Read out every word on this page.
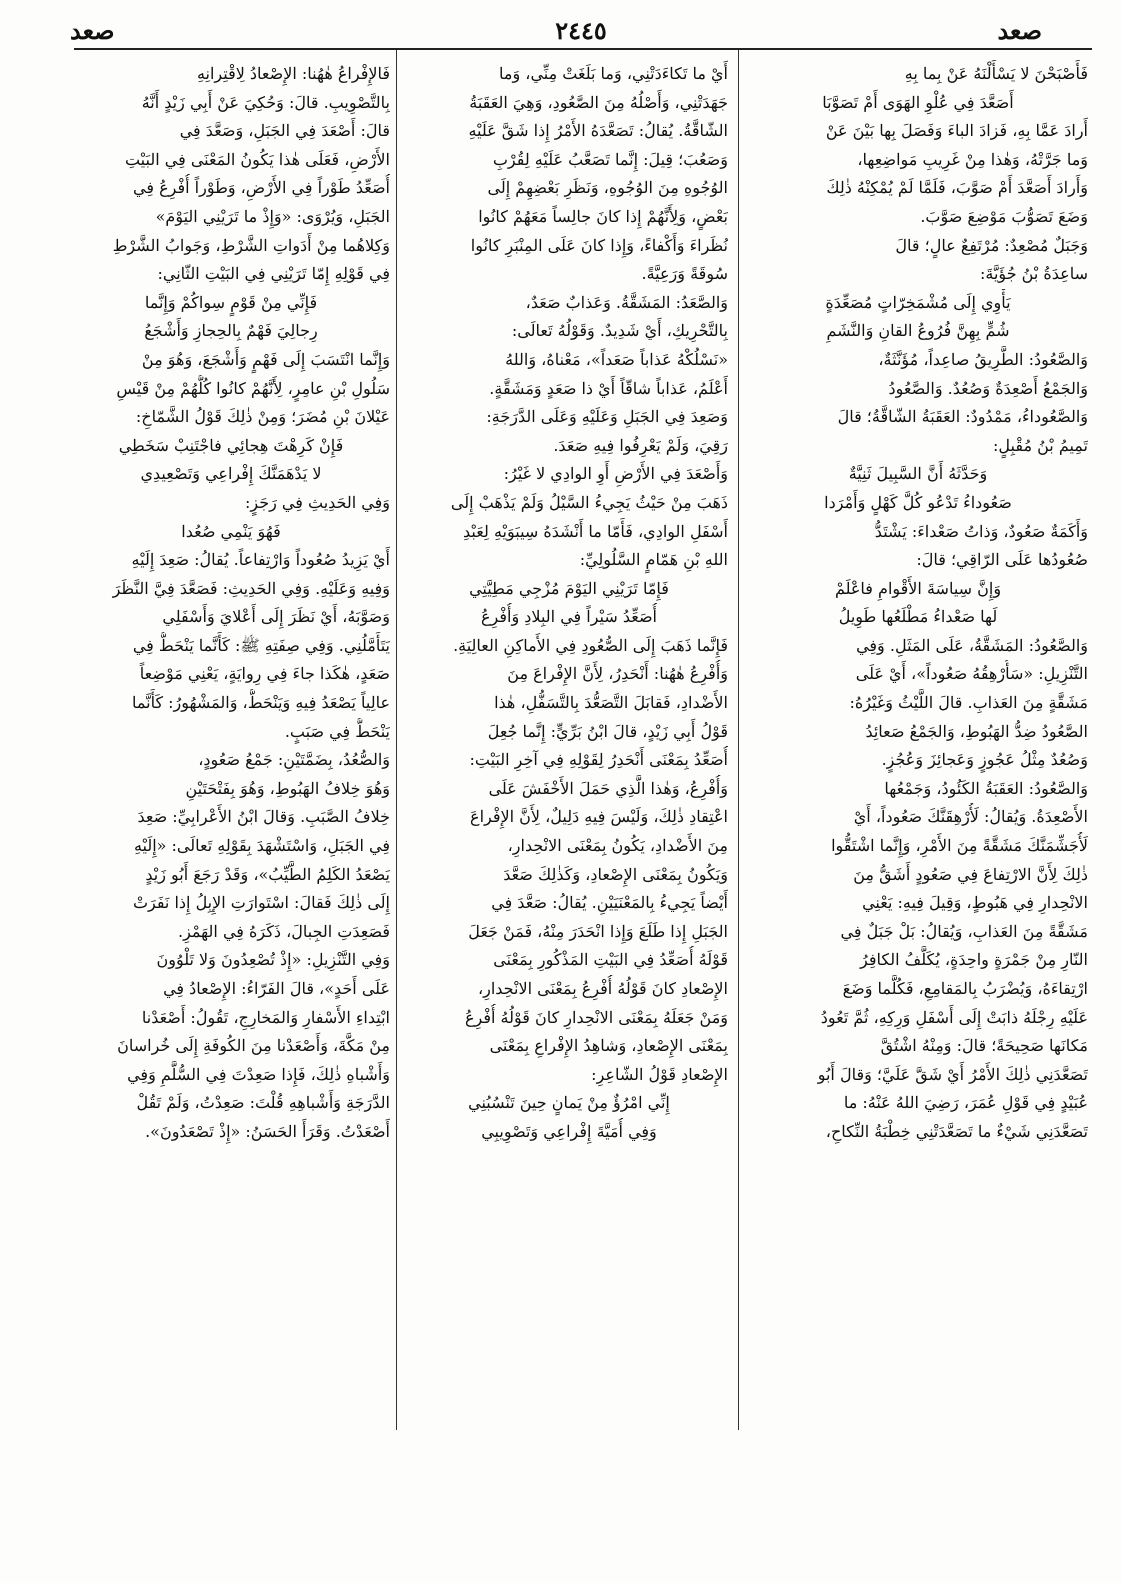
صعد
٢٤٤٥
صعد
فَأَصْبَحْنَ لا يَسْأَلْنَهُ عَنْ بِما بِهِ
أَصَعَّدَ فِي عُلْوِ الهَوَى أَمْ تَصَوَّبَا
أَرادَ عَمَّا بِهِ، فَزادَ الباءَ وَفَصَلَ بِها بَيْنَ عَنْ
وَما جَرَّتْهُ، وَهٰذا مِنْ غَرِيبِ مَواضِعِها،
وَأَرادَ أَصَعَّدَ أَمْ صَوَّبَ، فَلَمَّا لَمْ يُمْكِنْهُ ذٰلِكَ
وَضَعَ تَصَوُّبَ مَوْضِعَ صَوَّبَ.
وَجَبَلٌ مُصْعِدٌ: مُرْتَفِعٌ عالٍ؛ قالَ
ساعِدَةُ بْنُ جُؤَيَّةَ:
يَأْوِي إِلَى مُشْمَخِرّاتٍ مُصَعِّدَةٍ
شُمٍّ بِهِنَّ فُرُوعُ القانِ وَالنَّشَمِ
وَالصَّعُودُ: الطَّرِيقُ صاعِداً، مُؤَنَّثَةٌ،
وَالجَمْعُ أَصْعِدَةٌ وَصُعُدٌ. وَالصَّعُودُ
وَالصَّعُوداءُ، مَمْدُودٌ: العَقَبَةُ الشّاقَّةُ؛ قالَ
تَمِيمُ بْنُ مُقْبِلٍ:
وَحَدَّثَهُ أَنَّ السَّبِيلَ ثَنِيَّةٌ
صَعُوداءُ تَدْعُو كُلَّ كَهْلٍ وَأَمْرَدا
وَأَكَمَةٌ صَعُودٌ، وَذاتُ صَعْداءَ: يَشْتَدُّ
صُعُودُها عَلَى الرّاقِي؛ قالَ:
وَإِنَّ سِياسَةَ الأَقْوامِ فاعْلَمْ
لَها صَعْداءُ مَطْلَعُها طَوِيلُ
وَالصَّعُودُ: المَشَقَّةُ، عَلَى المَثَلِ. وَفِي
التَّنْزِيلِ: «سَأُرْهِقُهُ صَعُوداً»، أَيْ عَلَى
مَشَقَّةٍ مِنَ العَذابِ. قالَ اللَّيْثُ وَغَيْرُهُ:
الصَّعُودُ ضِدُّ الهَبُوطِ، وَالجَمْعُ صَعائِدُ
وَصُعُدٌ مِثْلُ عَجُوزٍ وَعَجائِزَ وَعُجُزٍ.
وَالصَّعُودُ: العَقَبَةُ الكَئُودُ، وَجَمْعُها
الأَصْعِدَةُ. وَيُقالُ: لَأُرْهِقَنَّكَ صَعُوداً، أَيْ
لَأُجَشِّمَنَّكَ مَشَقَّةً مِنَ الأَمْرِ، وَإِنَّما اشْتَقُّوا
ذٰلِكَ لِأَنَّ الارْتِفاعَ فِي صَعُودٍ أَشَقُّ مِنَ
الانْحِدارِ فِي هَبُوطٍ، وَقِيلَ فِيهِ: يَعْنِي
مَشَقَّةً مِنَ العَذابِ، وَيُقالُ: بَلْ جَبَلٌ فِي
النّارِ مِنْ جَمْرَةٍ واحِدَةٍ، يُكَلَّفُ الكافِرُ
ارْتِقاءَهُ، وَيُضْرَبُ بِالمَقامِعِ، فَكُلَّما وَضَعَ
عَلَيْهِ رِجْلَهُ ذابَتْ إِلَى أَسْفَلِ وَرِكِهِ، ثُمَّ تَعُودُ
مَكانَها صَحِيحَةً؛ قالَ: وَمِنْهُ اشْتُقَّ
تَصَعَّدَنِي ذٰلِكَ الأَمْرُ أَيْ شَقَّ عَلَيَّ؛ وَقالَ أَبُو
عُبَيْدٍ فِي قَوْلِ عُمَرَ، رَضِيَ اللهُ عَنْهُ: ما
تَصَعَّدَنِي شَيْءٌ ما تَصَعَّدَتْنِي خِطْبَةُ النِّكاحِ،
أَيْ ما تَكاءَدَتْنِي، وَما بَلَغَتْ مِنِّي، وَما
جَهَدَتْنِي، وَأَصْلُهُ مِنَ الصَّعُودِ، وَهِيَ العَقَبَةُ
الشّاقَّةُ. يُقالُ: تَصَعَّدَهُ الأَمْرُ إِذا شَقَّ عَلَيْهِ
وَصَعُبَ؛ قِيلَ: إِنَّما تَصَعَّبُ عَلَيْهِ لِقُرْبِ
الوُجُوهِ مِنَ الوُجُوهِ، وَنَظَرِ بَعْضِهِمْ إِلَى
بَعْضٍ، وَلِأَنَّهُمْ إِذا كانَ جالِساً مَعَهُمْ كانُوا
نُظَراءَ وَأَكْفاءً، وَإِذا كانَ عَلَى المِنْبَرِ كانُوا
سُوقَةً وَرَعِيَّةً.
وَالصَّعَدُ: المَشَقَّةُ. وَعَذابٌ صَعَدٌ،
بِالتَّحْرِيكِ، أَيْ شَدِيدٌ. وَقَوْلُهُ تَعالَى:
«نَسْلُكْهُ عَذاباً صَعَداً»، مَعْناهُ، وَاللهُ
أَعْلَمُ، عَذاباً شاقّاً أَيْ ذا صَعَدٍ وَمَشَقَّةٍ.
وَصَعِدَ فِي الجَبَلِ وَعَلَيْهِ وَعَلَى الدَّرَجَةِ:
رَقِيَ، وَلَمْ يَعْرِفُوا فِيهِ صَعَدَ.
وَأَصْعَدَ فِي الأَرْضِ أَوِ الوادِي لا غَيْرُ:
ذَهَبَ مِنْ حَيْثُ يَجِيءُ السَّيْلُ وَلَمْ يَذْهَبْ إِلَى
أَسْفَلِ الوادِي، فَأَمّا ما أَنْشَدَهُ سِيبَوَيْهِ لِعَبْدِ
اللهِ بْنِ هَمّامٍ السَّلُولِيِّ:
فَإِمّا تَرَيْنِي اليَوْمَ مُزْجِي مَطِيَّتِي
أُصَعِّدُ سَيْراً فِي البِلادِ وَأُفْرِعُ
فَإِنَّما ذَهَبَ إِلَى الصُّعُودِ فِي الأَماكِنِ العالِيَةِ.
وَأُفْرِعُ هٰهُنا: أَنْحَدِرُ، لِأَنَّ الإِفْراعَ مِنَ
الأَضْدادِ، فَقابَلَ التَّصَعُّدَ بِالتَّسَفُّلِ، هٰذا
قَوْلُ أَبِي زَيْدٍ، قالَ ابْنُ بَرِّيٍّ: إِنَّما جُعِلَ
أُصَعِّدُ بِمَعْنَى أَنْحَدِرُ لِقَوْلِهِ فِي آخِرِ البَيْتِ:
وَأُفْرِعُ، وَهٰذا الَّذِي حَمَلَ الأَخْفَشَ عَلَى
اعْتِقادِ ذٰلِكَ، وَلَيْسَ فِيهِ دَلِيلٌ، لِأَنَّ الإِفْراعَ
مِنَ الأَضْدادِ، يَكُونُ بِمَعْنَى الانْحِدارِ،
وَيَكُونُ بِمَعْنَى الإِصْعادِ، وَكَذٰلِكَ صَعَّدَ
أَيْضاً يَجِيءُ بِالمَعْنَيَيْنِ. يُقالُ: صَعَّدَ فِي
الجَبَلِ إِذا طَلَعَ وَإِذا انْحَدَرَ مِنْهُ، فَمَنْ جَعَلَ
قَوْلَهُ أُصَعِّدُ فِي البَيْتِ المَذْكُورِ بِمَعْنَى
الإِصْعادِ كانَ قَوْلُهُ أُفْرِعُ بِمَعْنَى الانْحِدارِ،
وَمَنْ جَعَلَهُ بِمَعْنَى الانْحِدارِ كانَ قَوْلُهُ أُفْرِعُ
بِمَعْنَى الإِصْعادِ، وَشاهِدُ الإِفْراعِ بِمَعْنَى
الإِصْعادِ قَوْلُ الشّاعِرِ:
إِنِّي امْرُؤٌ مِنْ يَمانٍ حِينَ تَنْسُبُنِي
وَفِي أُمَيَّةَ إِفْراعِي وَتَصْوِيبِي
فَالإِفْراعُ هٰهُنا: الإِصْعادُ لِاقْتِرانِهِ
بِالتَّصْوِيبِ. قالَ: وَحُكِيَ عَنْ أَبِي زَيْدٍ أَنَّهُ
قالَ: أَصْعَدَ فِي الجَبَلِ، وَصَعَّدَ فِي
الأَرْضِ، فَعَلَى هٰذا يَكُونُ المَعْنَى فِي البَيْتِ
أُصَعِّدُ طَوْراً فِي الأَرْضِ، وَطَوْراً أُفْرِعُ فِي
الجَبَلِ، وَيُرْوَى: «وَإِذْ ما تَرَيْنِي اليَوْمَ»
وَكِلاهُما مِنْ أَدَواتِ الشَّرْطِ، وَجَوابُ الشَّرْطِ
فِي قَوْلِهِ إِمّا تَرَيْنِي فِي البَيْتِ الثّانِي:
فَإِنِّي مِنْ قَوْمٍ سِواكُمْ وَإِنَّما
رِجالِيَ فَهْمٌ بِالحِجازِ وَأَشْجَعُ
وَإِنَّما انْتَسَبَ إِلَى فَهْمٍ وَأَشْجَعَ، وَهُوَ مِنْ
سَلُولِ بْنِ عامِرٍ، لِأَنَّهُمْ كانُوا كُلُّهُمْ مِنْ قَيْسِ
عَيْلانَ بْنِ مُضَرَ؛ وَمِنْ ذٰلِكَ قَوْلُ الشَّمّاخِ:
فَإِنْ كَرِهْتَ هِجائِي فاجْتَنِبْ سَخَطِي
لا يَدْهَمَنَّكَ إِفْراعِي وَتَصْعِيدِي
وَفِي الحَدِيثِ فِي رَجَزٍ:
فَهُوَ يَنْمِي صُعُدا
أَيْ يَزِيدُ صُعُوداً وَارْتِفاعاً. يُقالُ: صَعِدَ إِلَيْهِ
وَفِيهِ وَعَلَيْهِ. وَفِي الحَدِيثِ: فَصَعَّدَ فِيَّ النَّظَرَ
وَصَوَّبَهُ، أَيْ نَظَرَ إِلَى أَعْلايَ وَأَسْفَلِي
يَتَأَمَّلُنِي. وَفِي صِفَتِهِ ﷺ: كَأَنَّما يَنْحَطُّ فِي
صَعَدٍ، هٰكَذا جاءَ فِي رِوايَةٍ، يَعْنِي مَوْضِعاً
عالِياً يَصْعَدُ فِيهِ وَيَنْحَطُّ، وَالمَشْهُورُ: كَأَنَّما
يَنْحَطُّ فِي صَبَبٍ.
وَالصُّعُدُ، بِضَمَّتَيْنِ: جَمْعُ صَعُودٍ،
وَهُوَ خِلافُ الهَبُوطِ، وَهُوَ بِفَتْحَتَيْنِ
خِلافُ الصَّبَبِ. وَقالَ ابْنُ الأَعْرابِيِّ: صَعِدَ
فِي الجَبَلِ، وَاسْتَشْهَدَ بِقَوْلِهِ تَعالَى: «إِلَيْهِ
يَصْعَدُ الكَلِمُ الطَّيِّبُ»، وَقَدْ رَجَعَ أَبُو زَيْدٍ
إِلَى ذٰلِكَ فَقالَ: اسْتَوارَتِ الإِبِلُ إِذا نَفَرَتْ
فَصَعِدَتِ الجِبالَ، ذَكَرَهُ فِي الهَمْزِ.
وَفِي التَّنْزِيلِ: «إِذْ تُصْعِدُونَ وَلا تَلْوُونَ
عَلَى أَحَدٍ»، قالَ الفَرّاءُ: الإِصْعادُ فِي
ابْتِداءِ الأَسْفارِ وَالمَخارِجِ، تَقُولُ: أَصْعَدْنا
مِنْ مَكَّةَ، وَأَصْعَدْنا مِنَ الكُوفَةِ إِلَى خُراسانَ
وَأَشْباهِ ذٰلِكَ، فَإِذا صَعِدْتَ فِي السُّلَّمِ وَفِي
الدَّرَجَةِ وَأَشْباهِهِ قُلْتَ: صَعِدْتُ، وَلَمْ تَقُلْ
أَصْعَدْتُ. وَقَرَأَ الحَسَنُ: «إِذْ تَصْعَدُونَ».
